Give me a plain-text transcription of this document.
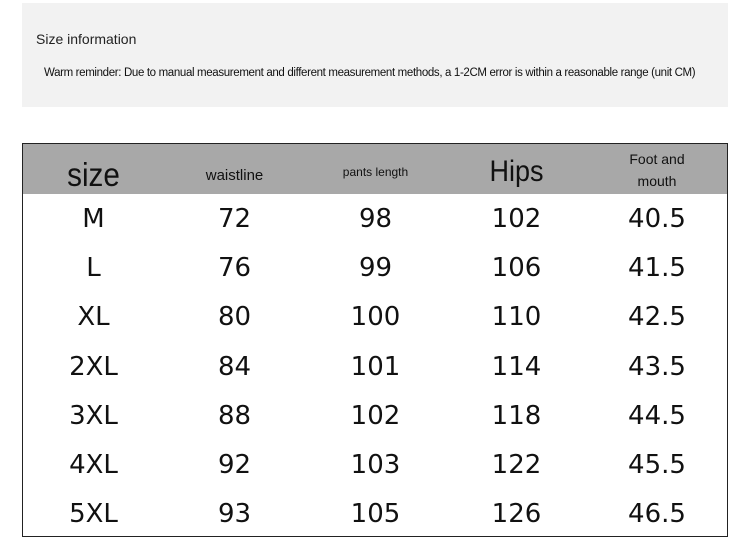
Size information
Warm reminder: Due to manual measurement and different measurement methods, a 1-2CM error is within a reasonable range (unit CM)
size	waistline	pants length	Hips	Foot and
mouth
M	72	98	102	40.5
L	76	99	106	41.5
XL	80	100	110	42.5
2XL	84	101	114	43.5
3XL	88	102	118	44.5
4XL	92	103	122	45.5
5XL	93	105	126	46.5
